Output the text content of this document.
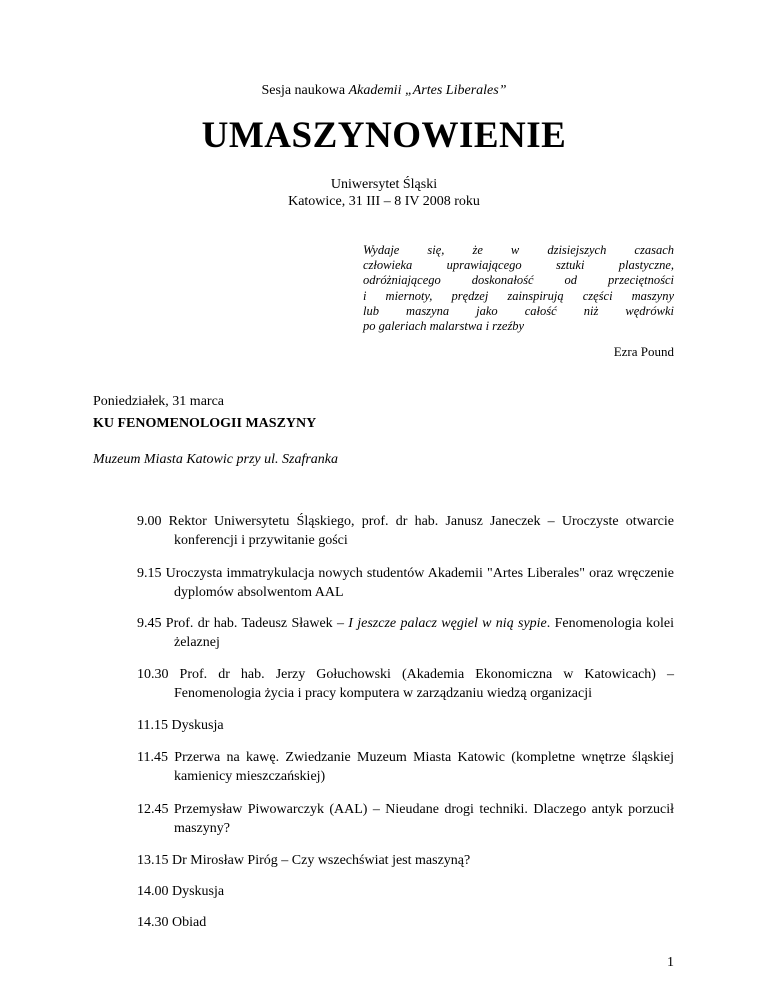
Sesja naukowa Akademii „Artes Liberales”
UMASZYNOWIENIE
Uniwersytet Śląski
Katowice, 31 III – 8 IV 2008 roku
Wydaje się, że w dzisiejszych czasach
człowieka uprawiającego sztuki plastyczne,
odróżniającego doskonałość od przeciętności
i miernoty, prędzej zainspirują części maszyny
lub maszyna jako całość niż wędrówki
po galeriach malarstwa i rzeźby
Ezra Pound
Poniedziałek, 31 marca
KU FENOMENOLOGII MASZYNY
Muzeum Miasta Katowic przy ul. Szafranka
9.00 Rektor Uniwersytetu Śląskiego, prof. dr hab. Janusz Janeczek – Uroczyste otwarcie konferencji i przywitanie gości
9.15 Uroczysta immatrykulacja nowych studentów Akademii "Artes Liberales" oraz wręczenie dyplomów absolwentom AAL
9.45 Prof. dr hab. Tadeusz Sławek – I jeszcze palacz węgiel w nią sypie. Fenomenologia kolei żelaznej
10.30 Prof. dr hab. Jerzy Gołuchowski (Akademia Ekonomiczna w Katowicach) – Fenomenologia życia i pracy komputera w zarządzaniu wiedzą organizacji
11.15 Dyskusja
11.45 Przerwa na kawę. Zwiedzanie Muzeum Miasta Katowic (kompletne wnętrze śląskiej kamienicy mieszczańskiej)
12.45 Przemysław Piwowarczyk (AAL) – Nieudane drogi techniki. Dlaczego antyk porzucił maszyny?
13.15 Dr Mirosław Piróg – Czy wszechświat jest maszyną?
14.00 Dyskusja
14.30 Obiad
1
